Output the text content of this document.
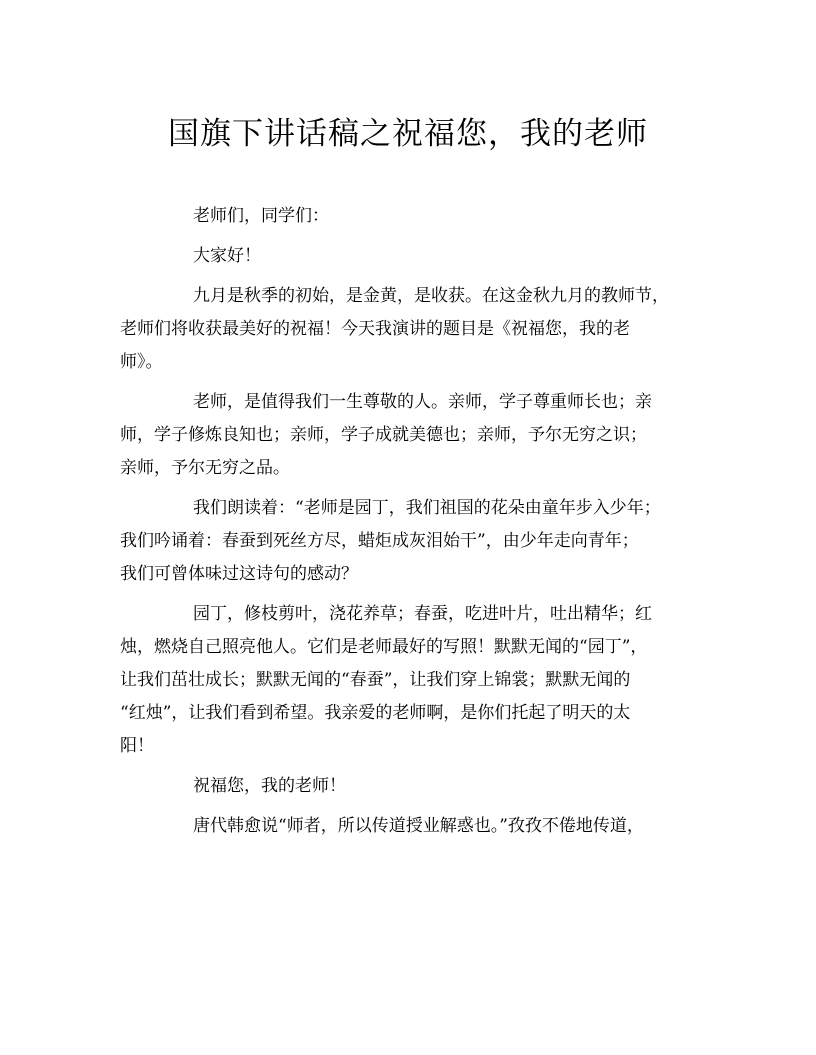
国旗下讲话稿之祝福您，我的老师

老师们，同学们：

大家好！

九月是秋季的初始，是金黄，是收获。在这金秋九月的教师节，
老师们将收获最美好的祝福！今天我演讲的题目是《祝福您，我的老
师》。

老师，是值得我们一生尊敬的人。亲师，学子尊重师长也；亲
师，学子修炼良知也；亲师，学子成就美德也；亲师，予尔无穷之识；
亲师，予尔无穷之品。

我们朗读着：“老师是园丁，我们祖国的花朵由童年步入少年；
我们吟诵着：春蚕到死丝方尽，蜡炬成灰泪始干”，由少年走向青年；
我们可曾体味过这诗句的感动？

园丁，修枝剪叶，浇花养草；春蚕，吃进叶片，吐出精华；红
烛，燃烧自己照亮他人。它们是老师最好的写照！默默无闻的“园丁”，
让我们茁壮成长；默默无闻的“春蚕”，让我们穿上锦裳；默默无闻的
“红烛”，让我们看到希望。我亲爱的老师啊，是你们托起了明天的太
阳！

祝福您，我的老师！

唐代韩愈说“师者，所以传道授业解惑也。”孜孜不倦地传道，
